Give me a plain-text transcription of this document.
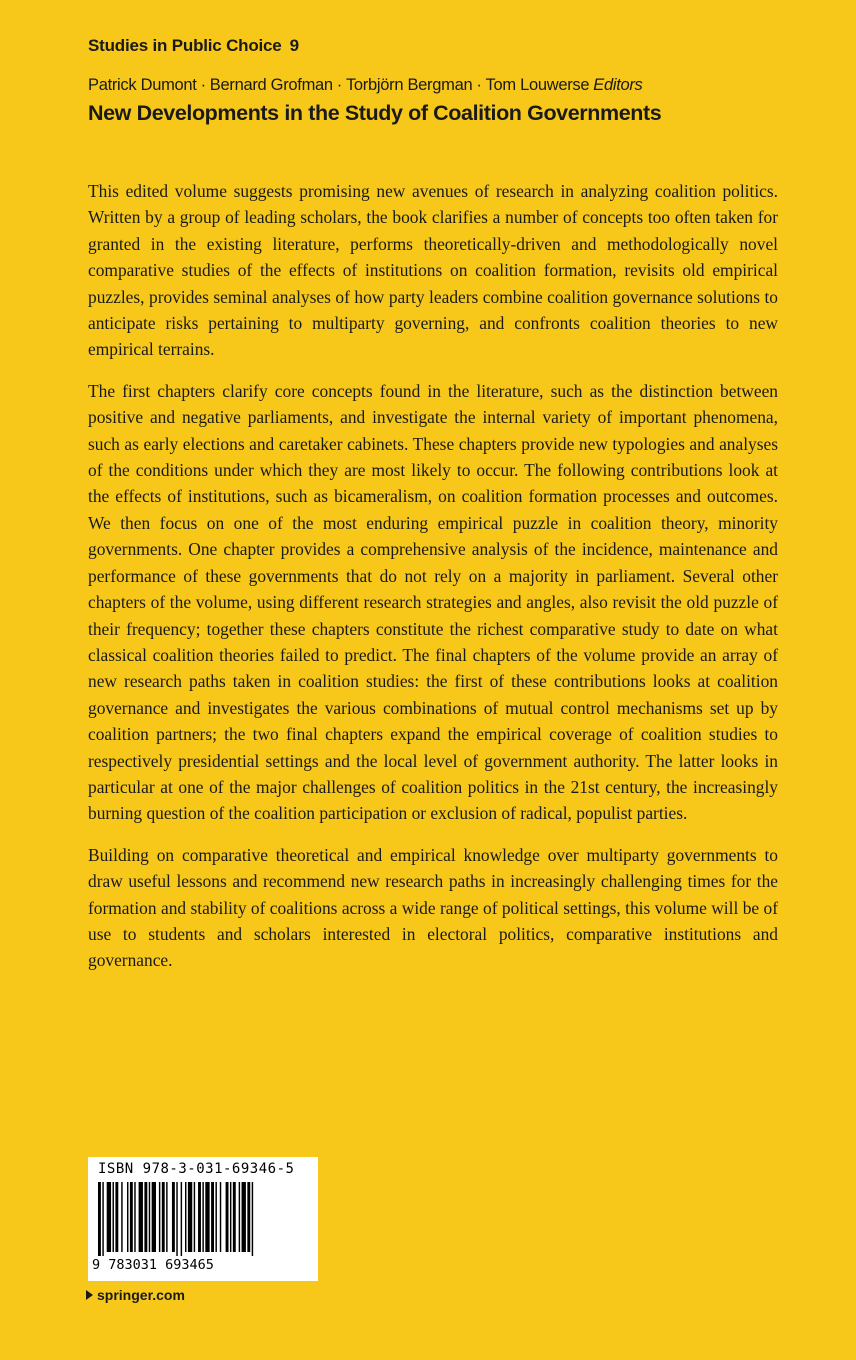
Studies in Public Choice 9
Patrick Dumont · Bernard Grofman · Torbjörn Bergman · Tom Louwerse Editors
New Developments in the Study of Coalition Governments

This edited volume suggests promising new avenues of research in analyzing coalition politics. Written by a group of leading scholars, the book clarifies a number of concepts too often taken for granted in the existing literature, performs theoretically-driven and methodologically novel comparative studies of the effects of institutions on coalition formation, revisits old empirical puzzles, provides seminal analyses of how party leaders combine coalition governance solutions to anticipate risks pertaining to multiparty governing, and confronts coalition theories to new empirical terrains.

The first chapters clarify core concepts found in the literature, such as the distinction between positive and negative parliaments, and investigate the internal variety of important phenomena, such as early elections and caretaker cabinets. These chapters provide new typologies and analyses of the conditions under which they are most likely to occur. The following contributions look at the effects of institutions, such as bicameralism, on coalition formation processes and outcomes. We then focus on one of the most enduring empirical puzzle in coalition theory, minority governments. One chapter provides a comprehensive analysis of the incidence, maintenance and performance of these governments that do not rely on a majority in parliament. Several other chapters of the volume, using different research strategies and angles, also revisit the old puzzle of their frequency; together these chapters constitute the richest comparative study to date on what classical coalition theories failed to predict. The final chapters of the volume provide an array of new research paths taken in coalition studies: the first of these contributions looks at coalition governance and investigates the various combinations of mutual control mechanisms set up by coalition partners; the two final chapters expand the empirical coverage of coalition studies to respectively presidential settings and the local level of government authority. The latter looks in particular at one of the major challenges of coalition politics in the 21st century, the increasingly burning question of the coalition participation or exclusion of radical, populist parties.

Building on comparative theoretical and empirical knowledge over multiparty governments to draw useful lessons and recommend new research paths in increasingly challenging times for the formation and stability of coalitions across a wide range of political settings, this volume will be of use to students and scholars interested in electoral politics, comparative institutions and governance.

ISBN 978-3-031-69346-5
9 783031 693465
springer.com
